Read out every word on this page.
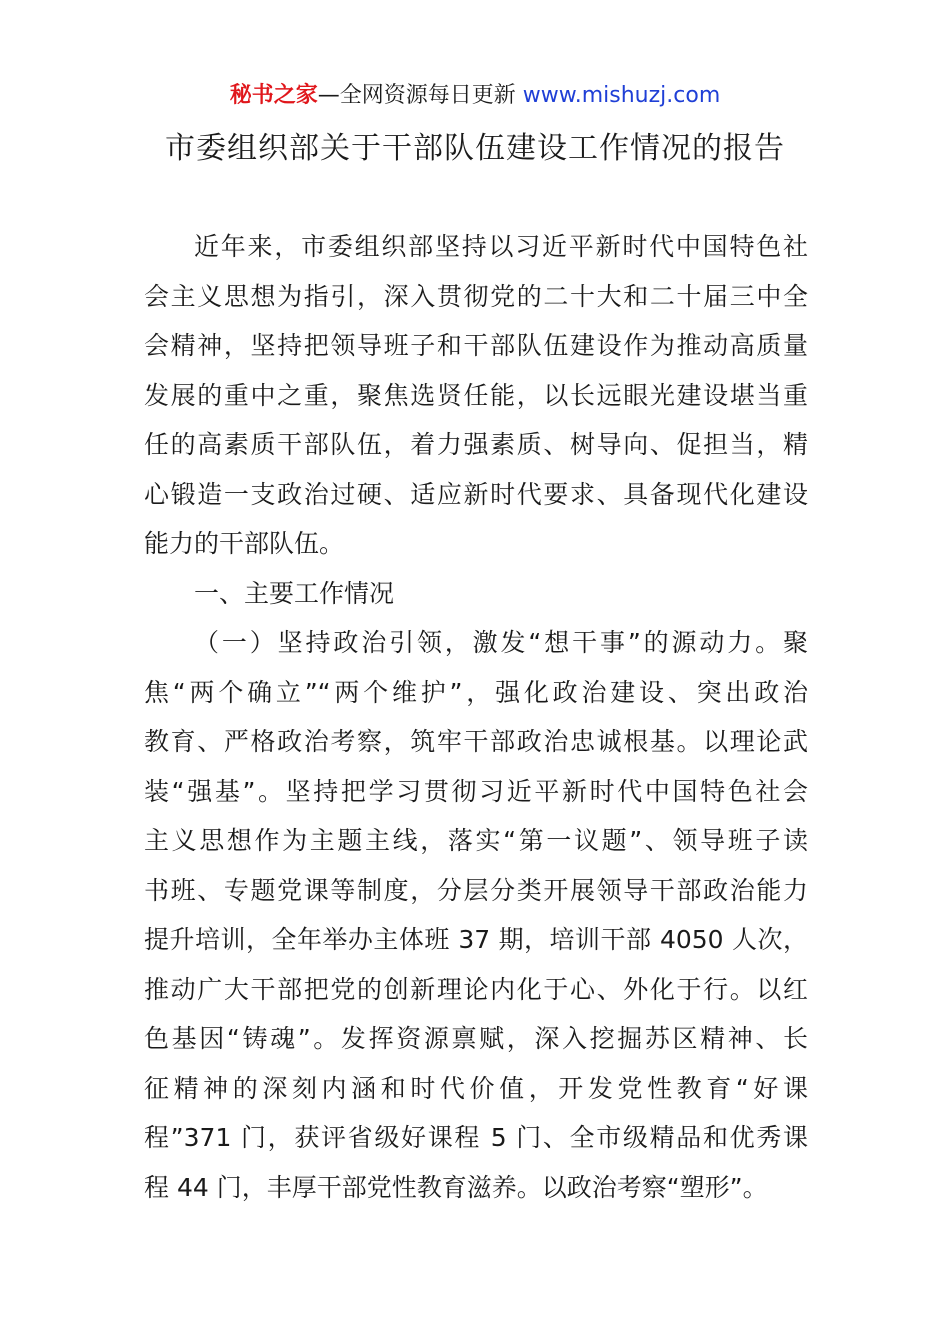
秘书之家—全网资源每日更新 www.mishuzj.com
市委组织部关于干部队伍建设工作情况的报告
近年来，市委组织部坚持以习近平新时代中国特色社
会主义思想为指引，深入贯彻党的二十大和二十届三中全
会精神，坚持把领导班子和干部队伍建设作为推动高质量
发展的重中之重，聚焦选贤任能，以长远眼光建设堪当重
任的高素质干部队伍，着力强素质、树导向、促担当，精
心锻造一支政治过硬、适应新时代要求、具备现代化建设
能力的干部队伍。
一、主要工作情况
（一）坚持政治引领，激发“想干事”的源动力。聚
焦“两个确立”“两个维护”，强化政治建设、突出政治
教育、严格政治考察，筑牢干部政治忠诚根基。以理论武
装“强基”。坚持把学习贯彻习近平新时代中国特色社会
主义思想作为主题主线，落实“第一议题”、领导班子读
书班、专题党课等制度，分层分类开展领导干部政治能力
提升培训，全年举办主体班 37 期，培训干部 4050 人次，
推动广大干部把党的创新理论内化于心、外化于行。以红
色基因“铸魂”。发挥资源禀赋，深入挖掘苏区精神、长
征精神的深刻内涵和时代价值，开发党性教育“好课
程”371 门，获评省级好课程 5 门、全市级精品和优秀课
程 44 门，丰厚干部党性教育滋养。以政治考察“塑形”。
